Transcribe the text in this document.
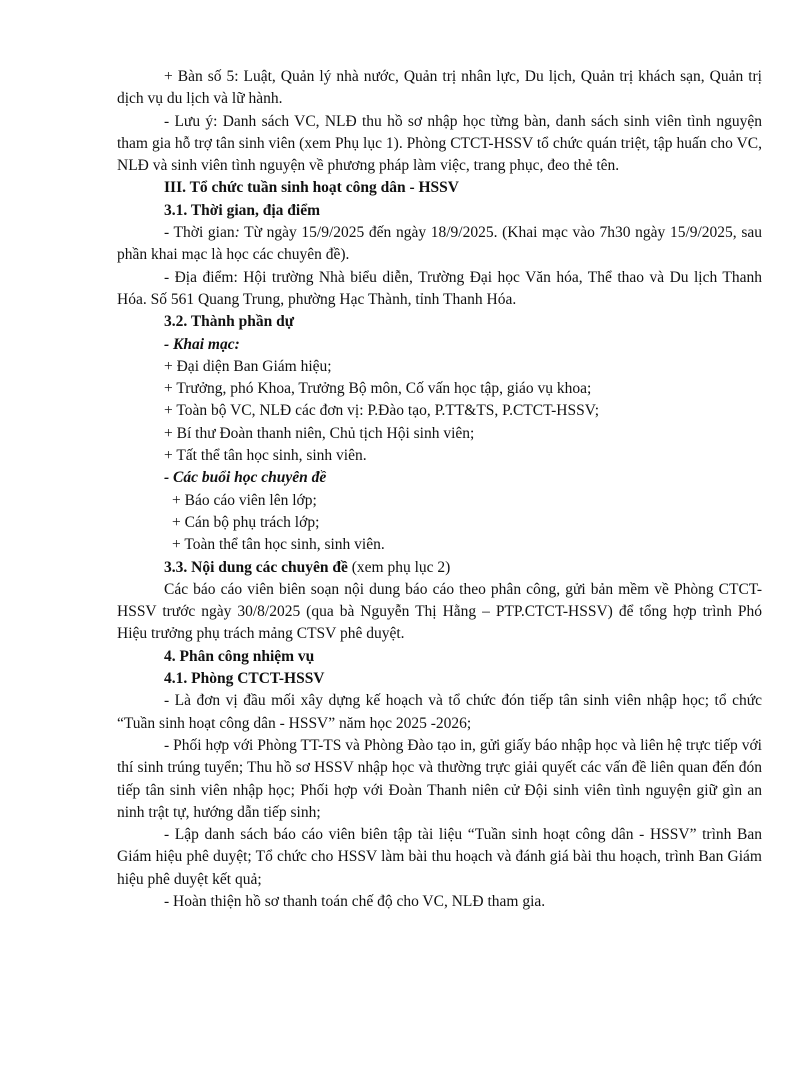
+ Bàn số 5: Luật, Quản lý nhà nước, Quản trị nhân lực, Du lịch, Quản trị khách sạn, Quản trị dịch vụ du lịch và lữ hành.

- Lưu ý: Danh sách VC, NLĐ thu hồ sơ nhập học từng bàn, danh sách sinh viên tình nguyện tham gia hỗ trợ tân sinh viên (xem Phụ lục 1). Phòng CTCT-HSSV tổ chức quán triệt, tập huấn cho VC, NLĐ và sinh viên tình nguyện về phương pháp làm việc, trang phục, đeo thẻ tên.

III. Tổ chức tuần sinh hoạt công dân - HSSV

3.1. Thời gian, địa điểm

- Thời gian: Từ ngày 15/9/2025 đến ngày 18/9/2025. (Khai mạc vào 7h30 ngày 15/9/2025, sau phần khai mạc là học các chuyên đề).

- Địa điểm: Hội trường Nhà biểu diễn, Trường Đại học Văn hóa, Thể thao và Du lịch Thanh Hóa. Số 561 Quang Trung, phường Hạc Thành, tỉnh Thanh Hóa.

3.2. Thành phần dự

- Khai mạc:

+ Đại diện Ban Giám hiệu;

+ Trưởng, phó Khoa, Trưởng Bộ môn, Cố vấn học tập, giáo vụ khoa;

+ Toàn bộ VC, NLĐ các đơn vị: P.Đào tạo, P.TT&TS, P.CTCT-HSSV;

+ Bí thư Đoàn thanh niên, Chủ tịch Hội sinh viên;

+ Tất thể tân học sinh, sinh viên.

- Các buổi học chuyên đề

+ Báo cáo viên lên lớp;

+ Cán bộ phụ trách lớp;

+ Toàn thể tân học sinh, sinh viên.

3.3. Nội dung các chuyên đề (xem phụ lục 2)

Các báo cáo viên biên soạn nội dung báo cáo theo phân công, gửi bản mềm về Phòng CTCT-HSSV trước ngày 30/8/2025 (qua bà Nguyễn Thị Hằng – PTP.CTCT-HSSV) để tổng hợp trình Phó Hiệu trưởng phụ trách mảng CTSV phê duyệt.

4. Phân công nhiệm vụ

4.1. Phòng CTCT-HSSV

- Là đơn vị đầu mối xây dựng kế hoạch và tổ chức đón tiếp tân sinh viên nhập học; tổ chức “Tuần sinh hoạt công dân - HSSV” năm học 2025 -2026;

- Phối hợp với Phòng TT-TS và Phòng Đào tạo in, gửi giấy báo nhập học và liên hệ trực tiếp với thí sinh trúng tuyển; Thu hồ sơ HSSV nhập học và thường trực giải quyết các vấn đề liên quan đến đón tiếp tân sinh viên nhập học; Phối hợp với Đoàn Thanh niên cử Đội sinh viên tình nguyện giữ gìn an ninh trật tự, hướng dẫn tiếp sinh;

- Lập danh sách báo cáo viên biên tập tài liệu “Tuần sinh hoạt công dân - HSSV” trình Ban Giám hiệu phê duyệt; Tổ chức cho HSSV làm bài thu hoạch và đánh giá bài thu hoạch, trình Ban Giám hiệu phê duyệt kết quả;

- Hoàn thiện hồ sơ thanh toán chế độ cho VC, NLĐ tham gia.
